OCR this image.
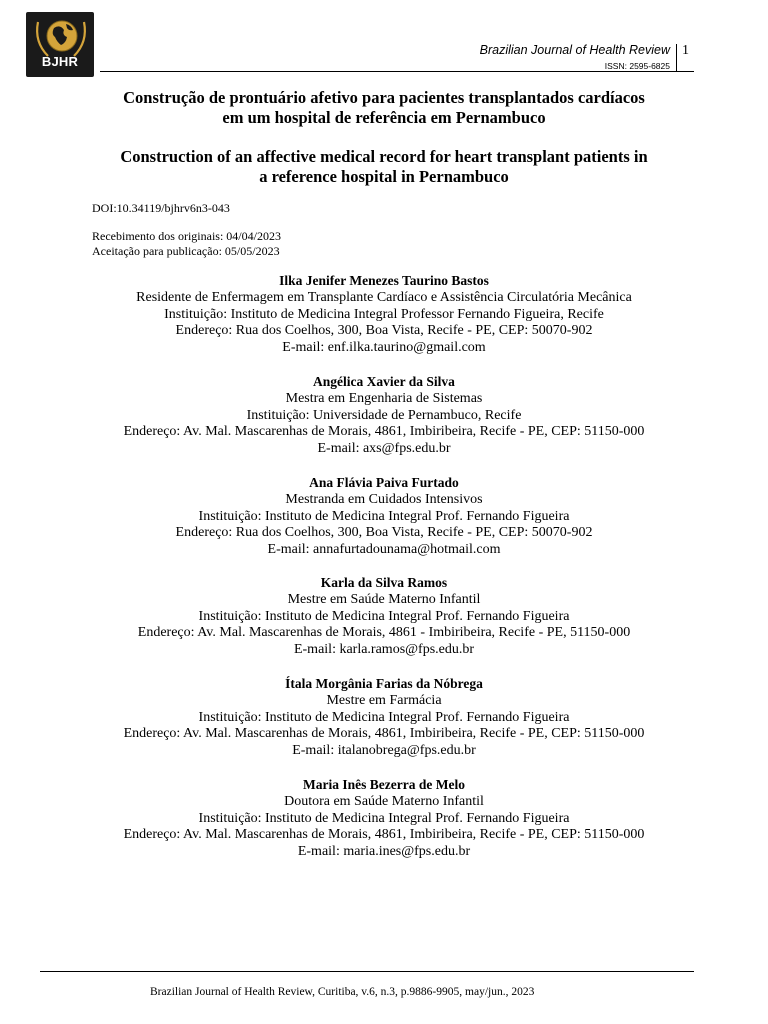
BJHR
Brazilian Journal of Health Review
ISSN: 2595-6825
1
Construção de prontuário afetivo para pacientes transplantados cardíacos
em um hospital de referência em Pernambuco
Construction of an affective medical record for heart transplant patients in
a reference hospital in Pernambuco
DOI:10.34119/bjhrv6n3-043
Recebimento dos originais: 04/04/2023
Aceitação para publicação: 05/05/2023
Ilka Jenifer Menezes Taurino Bastos
Residente de Enfermagem em Transplante Cardíaco e Assistência Circulatória Mecânica
Instituição: Instituto de Medicina Integral Professor Fernando Figueira, Recife
Endereço: Rua dos Coelhos, 300, Boa Vista, Recife - PE, CEP: 50070-902
E-mail: enf.ilka.taurino@gmail.com
Angélica Xavier da Silva
Mestra em Engenharia de Sistemas
Instituição: Universidade de Pernambuco, Recife
Endereço: Av. Mal. Mascarenhas de Morais, 4861, Imbiribeira, Recife - PE, CEP: 51150-000
E-mail: axs@fps.edu.br
Ana Flávia Paiva Furtado
Mestranda em Cuidados Intensivos
Instituição: Instituto de Medicina Integral Prof. Fernando Figueira
Endereço: Rua dos Coelhos, 300, Boa Vista, Recife - PE, CEP: 50070-902
E-mail: annafurtadounama@hotmail.com
Karla da Silva Ramos
Mestre em Saúde Materno Infantil
Instituição: Instituto de Medicina Integral Prof. Fernando Figueira
Endereço: Av. Mal. Mascarenhas de Morais, 4861 - Imbiribeira, Recife - PE, 51150-000
E-mail: karla.ramos@fps.edu.br
Ítala Morgânia Farias da Nóbrega
Mestre em Farmácia
Instituição: Instituto de Medicina Integral Prof. Fernando Figueira
Endereço: Av. Mal. Mascarenhas de Morais, 4861, Imbiribeira, Recife - PE, CEP: 51150-000
E-mail: italanobrega@fps.edu.br
Maria Inês Bezerra de Melo
Doutora em Saúde Materno Infantil
Instituição: Instituto de Medicina Integral Prof. Fernando Figueira
Endereço: Av. Mal. Mascarenhas de Morais, 4861, Imbiribeira, Recife - PE, CEP: 51150-000
E-mail: maria.ines@fps.edu.br
Brazilian Journal of Health Review, Curitiba, v.6, n.3, p.9886-9905, may/jun., 2023
